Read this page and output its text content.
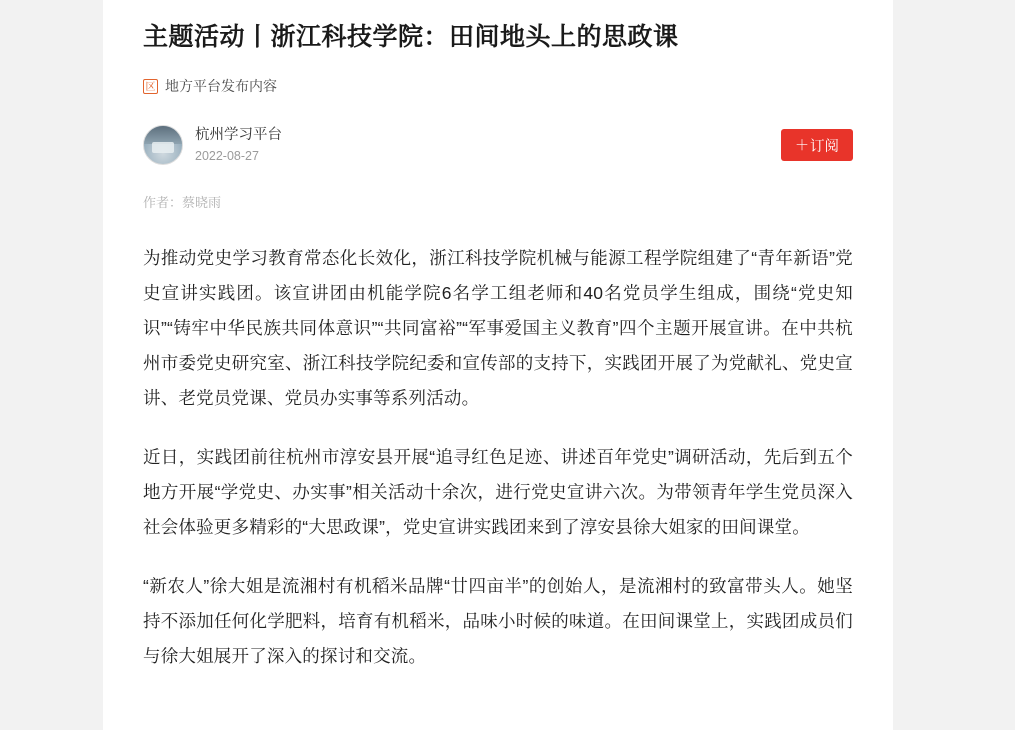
主题活动丨浙江科技学院：田间地头上的思政课
区 地方平台发布内容
杭州学习平台
2022-08-27
＋ 订阅
作者：蔡晓雨

为推动党史学习教育常态化长效化，浙江科技学院机械与能源工程学院组建了“青年新语”党史宣讲实践团。该宣讲团由机能学院6名学工组老师和40名党员学生组成，围绕“党史知识”“铸牢中华民族共同体意识”“共同富裕”“军事爱国主义教育”四个主题开展宣讲。在中共杭州市委党史研究室、浙江科技学院纪委和宣传部的支持下，实践团开展了为党献礼、党史宣讲、老党员党课、党员办实事等系列活动。

近日，实践团前往杭州市淳安县开展“追寻红色足迹、讲述百年党史”调研活动，先后到五个地方开展“学党史、办实事”相关活动十余次，进行党史宣讲六次。为带领青年学生党员深入社会体验更多精彩的“大思政课”，党史宣讲实践团来到了淳安县徐大姐家的田间课堂。

“新农人”徐大姐是流湘村有机稻米品牌“廿四亩半”的创始人，是流湘村的致富带头人。她坚持不添加任何化学肥料，培育有机稻米，品味小时候的味道。在田间课堂上，实践团成员们与徐大姐展开了深入的探讨和交流。
